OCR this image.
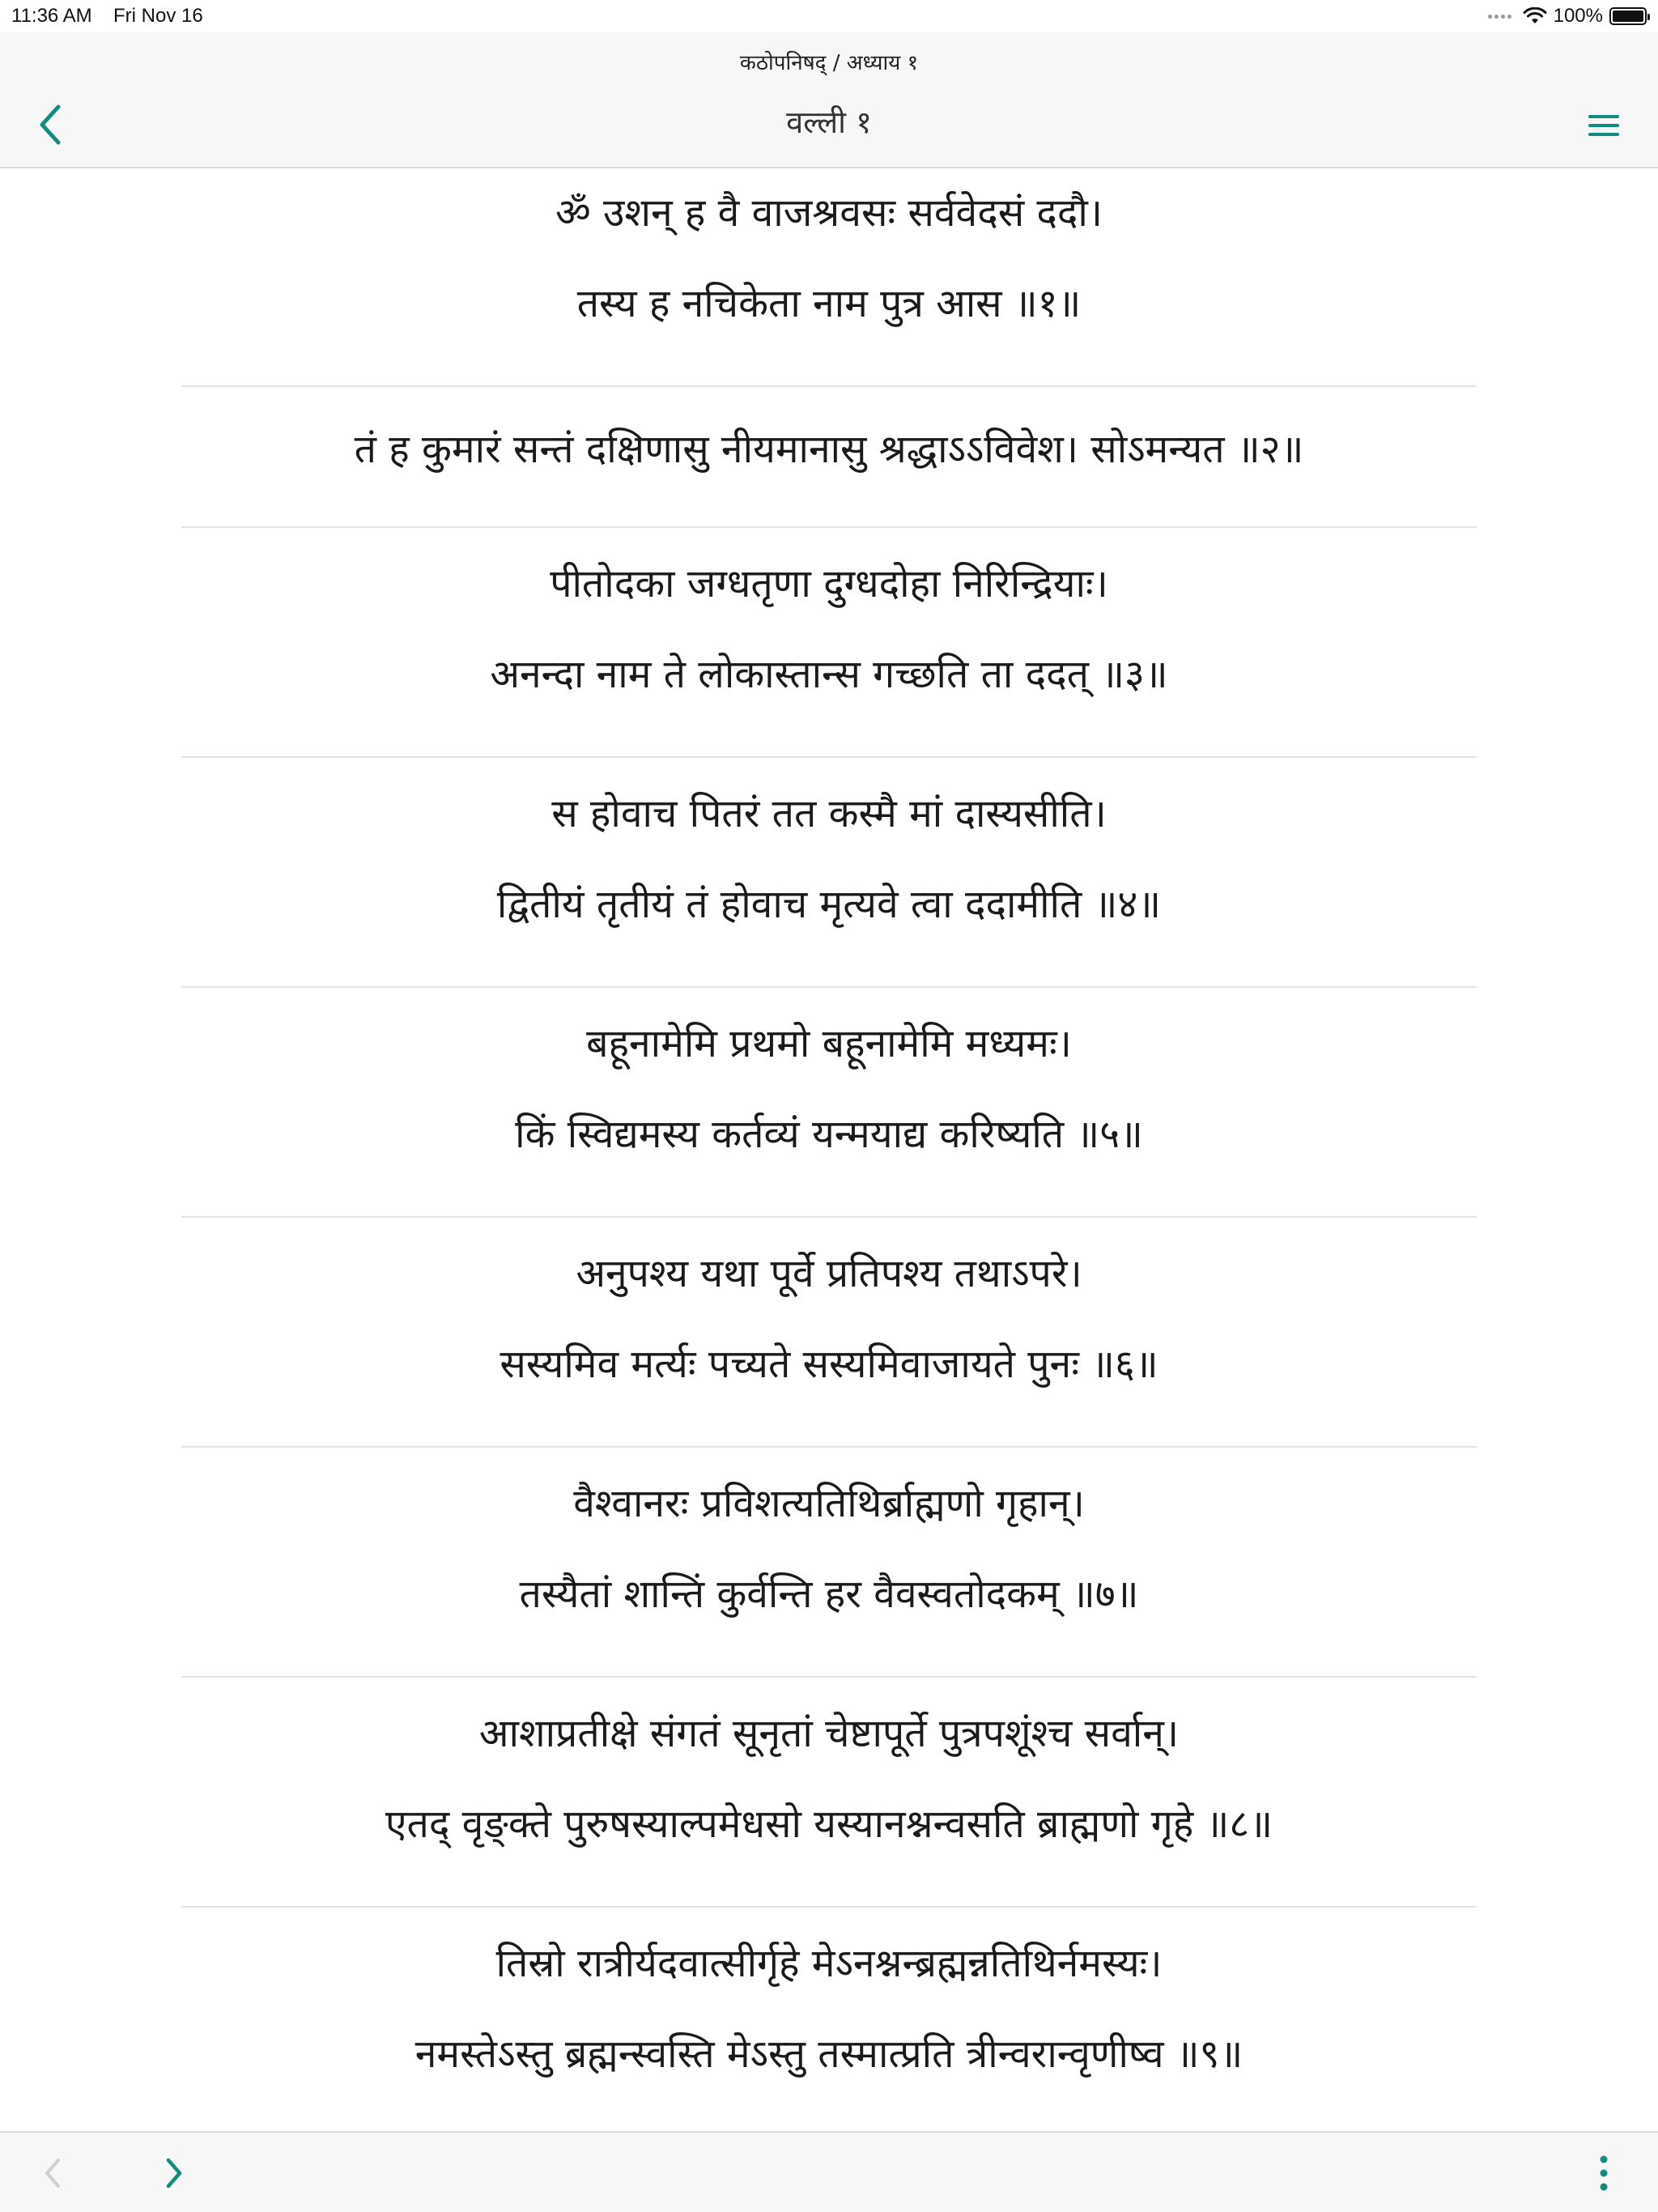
11:36 AM Fri Nov 16	100%
कठोपनिषद् / अध्याय १
वल्ली १
ॐ उशन् ह वै वाजश्रवसः सर्ववेदसं ददौ।
तस्य ह नचिकेता नाम पुत्र आस ॥१॥
तं ह कुमारं सन्तं दक्षिणासु नीयमानासु श्रद्धाऽऽविवेश। सोऽमन्यत ॥२॥
पीतोदका जग्धतृणा दुग्धदोहा निरिन्द्रियाः।
अनन्दा नाम ते लोकास्तान्स गच्छति ता ददत् ॥३॥
स होवाच पितरं तत कस्मै मां दास्यसीति।
द्वितीयं तृतीयं तं होवाच मृत्यवे त्वा ददामीति ॥४॥
बहूनामेमि प्रथमो बहूनामेमि मध्यमः।
किं स्विद्यमस्य कर्तव्यं यन्मयाद्य करिष्यति ॥५॥
अनुपश्य यथा पूर्वे प्रतिपश्य तथाऽपरे।
सस्यमिव मर्त्यः पच्यते सस्यमिवाजायते पुनः ॥६॥
वैश्वानरः प्रविशत्यतिथिर्ब्राह्मणो गृहान्।
तस्यैतां शान्तिं कुर्वन्ति हर वैवस्वतोदकम् ॥७॥
आशाप्रतीक्षे संगतं सूनृतां चेष्टापूर्ते पुत्रपशूंश्च सर्वान्।
एतद् वृङ्क्ते पुरुषस्याल्पमेधसो यस्यानश्नन्वसति ब्राह्मणो गृहे ॥८॥
तिस्रो रात्रीर्यदवात्सीर्गृहे मेऽनश्नन्ब्रह्मन्नतिथिर्नमस्यः।
नमस्तेऽस्तु ब्रह्मन्स्वस्ति मेऽस्तु तस्मात्प्रति त्रीन्वरान्वृणीष्व ॥९॥
